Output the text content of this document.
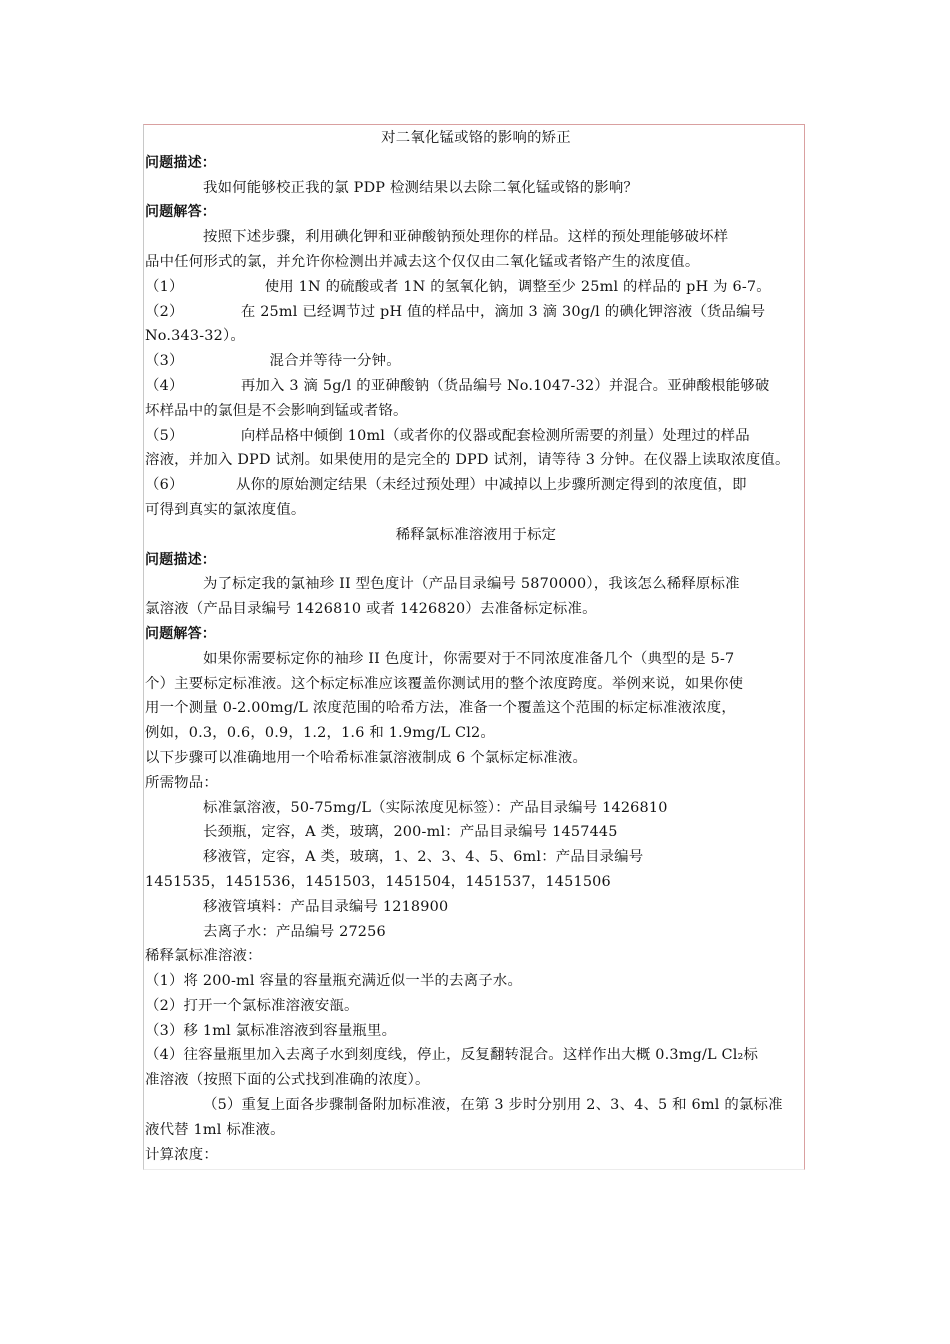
对二氧化锰或铬的影响的矫正
问题描述：
我如何能够校正我的氯 PDP 检测结果以去除二氧化锰或铬的影响？
问题解答：
按照下述步骤，利用碘化钾和亚砷酸钠预处理你的样品。这样的预处理能够破坏样
品中任何形式的氯，并允许你检测出并减去这个仅仅由二氧化锰或者铬产生的浓度值。
（1）                 使用 1N 的硫酸或者 1N 的氢氧化钠，调整至少 25ml 的样品的 pH 为 6-7。
（2）            在 25ml 已经调节过 pH 值的样品中，滴加 3 滴 30g/l 的碘化钾溶液（货品编号
No.343-32）。
（3）                  混合并等待一分钟。
（4）            再加入 3 滴 5g/l 的亚砷酸钠（货品编号 No.1047-32）并混合。亚砷酸根能够破
坏样品中的氯但是不会影响到锰或者铬。
（5）            向样品格中倾倒 10ml（或者你的仪器或配套检测所需要的剂量）处理过的样品
溶液，并加入 DPD 试剂。如果使用的是完全的 DPD 试剂，请等待 3 分钟。在仪器上读取浓度值。
（6）           从你的原始测定结果（未经过预处理）中减掉以上步骤所测定得到的浓度值，即
可得到真实的氯浓度值。
稀释氯标准溶液用于标定
问题描述：
为了标定我的氯袖珍 II 型色度计（产品目录编号 5870000），我该怎么稀释原标准
氯溶液（产品目录编号 1426810 或者 1426820）去准备标定标准。
问题解答：
如果你需要标定你的袖珍 II 色度计，你需要对于不同浓度准备几个（典型的是 5-7
个）主要标定标准液。这个标定标准应该覆盖你测试用的整个浓度跨度。举例来说，如果你使
用一个测量 0-2.00mg/L 浓度范围的哈希方法，准备一个覆盖这个范围的标定标准液浓度，
例如，0.3，0.6，0.9，1.2，1.6 和 1.9mg/L Cl2。
以下步骤可以准确地用一个哈希标准氯溶液制成 6 个氯标定标准液。
所需物品：
标准氯溶液，50-75mg/L（实际浓度见标签）：产品目录编号 1426810
长颈瓶，定容，A 类，玻璃，200-ml：产品目录编号 1457445
移液管，定容，A 类，玻璃，1、2、3、4、5、6ml：产品目录编号
1451535，1451536，1451503，1451504，1451537，1451506
移液管填料：产品目录编号 1218900
去离子水：产品编号 27256
稀释氯标准溶液：
（1）将 200-ml 容量的容量瓶充满近似一半的去离子水。
（2）打开一个氯标准溶液安瓿。
（3）移 1ml 氯标准溶液到容量瓶里。
（4）往容量瓶里加入去离子水到刻度线，停止，反复翻转混合。这样作出大概 0.3mg/L Cl₂标
准溶液（按照下面的公式找到准确的浓度）。
（5）重复上面各步骤制备附加标准液，在第 3 步时分别用 2、3、4、5 和 6ml 的氯标准
液代替 1ml 标准液。
计算浓度：
